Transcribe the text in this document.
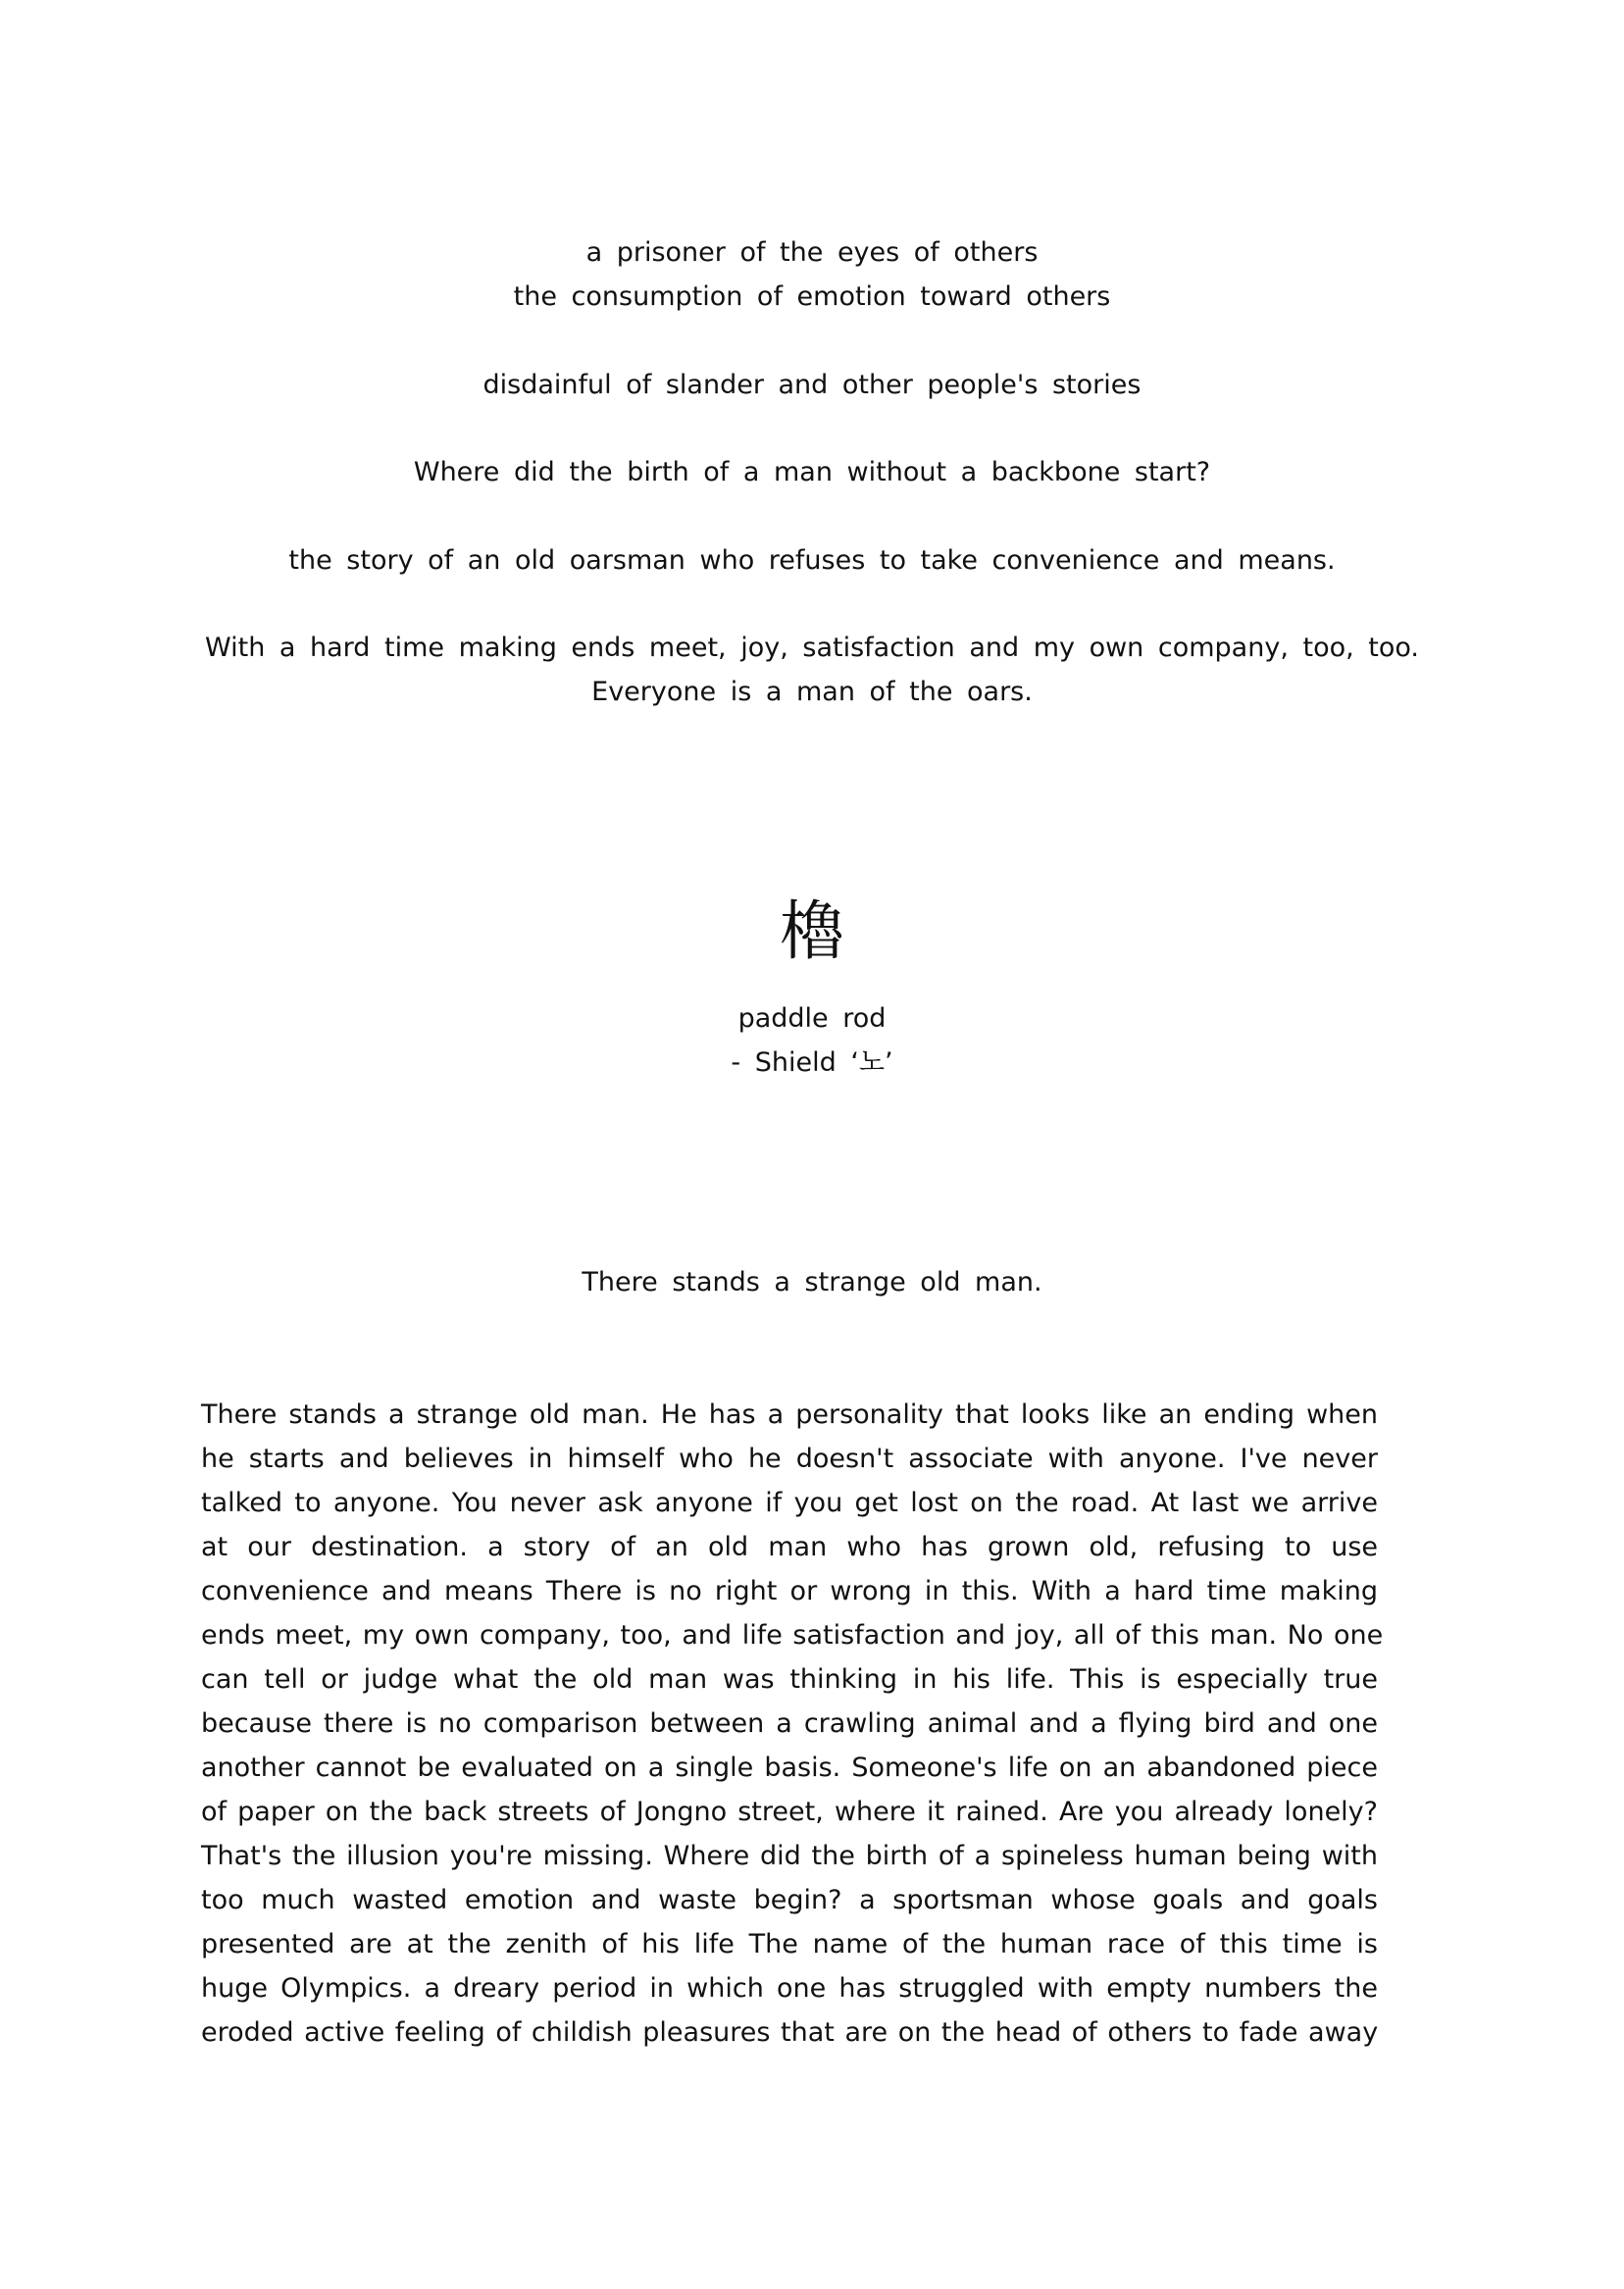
a prisoner of the eyes of others
the consumption of emotion toward others
disdainful of slander and other people's stories
Where did the birth of a man without a backbone start?
the story of an old oarsman who refuses to take convenience and means.
With a hard time making ends meet, joy, satisfaction and my own company, too, too.
Everyone is a man of the oars.
櫓
paddle rod
- Shield ‘노’
There stands a strange old man.
There stands a strange old man. He has a personality that looks like an ending when
he starts and believes in himself who he doesn't associate with anyone. I've never
talked to anyone. You never ask anyone if you get lost on the road. At last we arrive
at our destination. a story of an old man who has grown old, refusing to use
convenience and means There is no right or wrong in this. With a hard time making
ends meet, my own company, too, and life satisfaction and joy, all of this man. No one
can tell or judge what the old man was thinking in his life. This is especially true
because there is no comparison between a crawling animal and a flying bird and one
another cannot be evaluated on a single basis. Someone's life on an abandoned piece
of paper on the back streets of Jongno street, where it rained. Are you already lonely?
That's the illusion you're missing. Where did the birth of a spineless human being with
too much wasted emotion and waste begin? a sportsman whose goals and goals
presented are at the zenith of his life The name of the human race of this time is
huge Olympics. a dreary period in which one has struggled with empty numbers the
eroded active feeling of childish pleasures that are on the head of others to fade away
